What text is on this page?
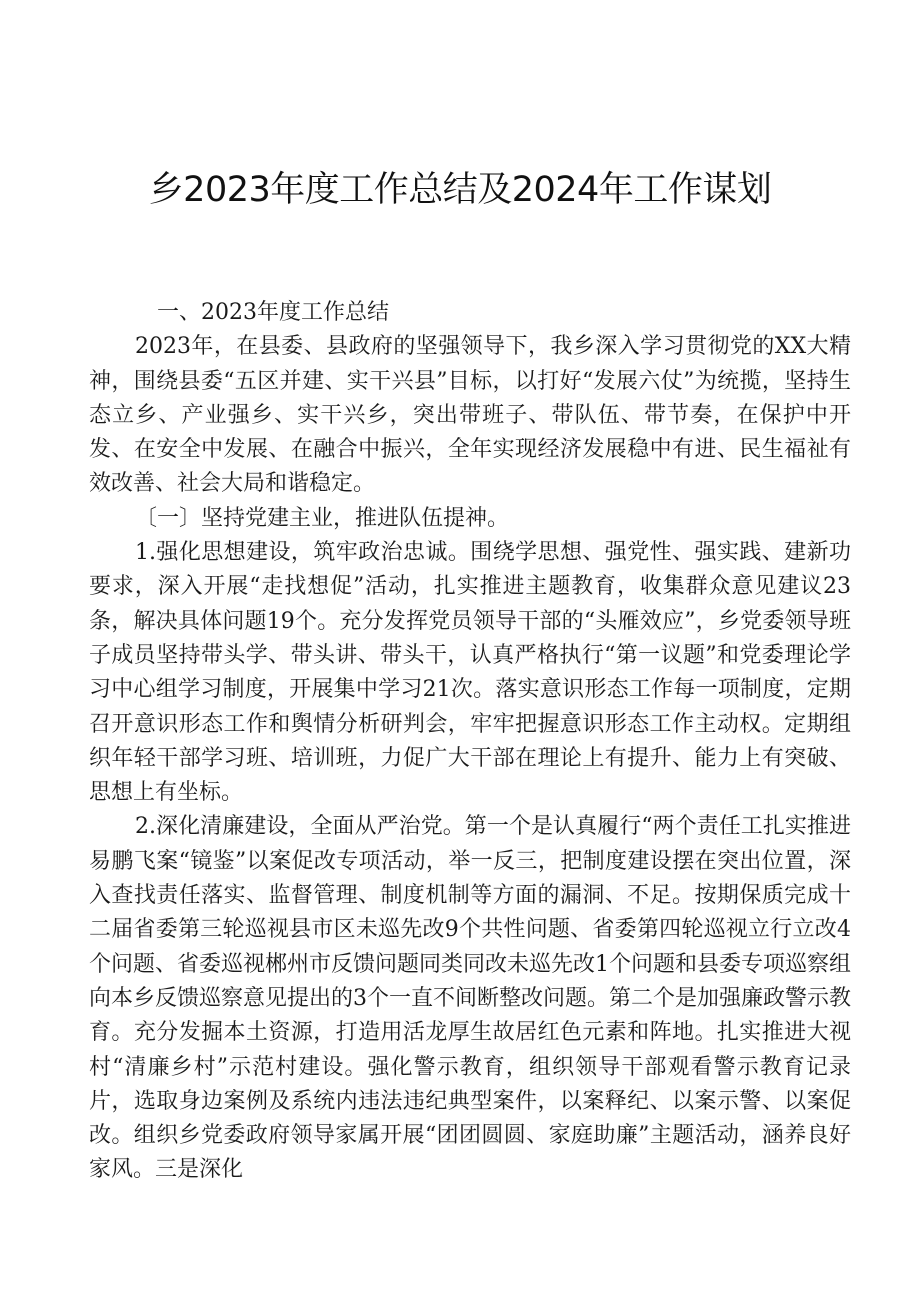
乡2023年度工作总结及2024年工作谋划

一、2023年度工作总结

2023年，在县委、县政府的坚强领导下，我乡深入学习贯彻党的XX大精神，围绕县委“五区并建、实干兴县”目标，以打好“发展六仗”为统揽，坚持生态立乡、产业强乡、实干兴乡，突出带班子、带队伍、带节奏，在保护中开发、在安全中发展、在融合中振兴，全年实现经济发展稳中有进、民生福祉有效改善、社会大局和谐稳定。

〔一〕坚持党建主业，推进队伍提神。

1.强化思想建设，筑牢政治忠诚。围绕学思想、强党性、强实践、建新功要求，深入开展“走找想促”活动，扎实推进主题教育，收集群众意见建议23条，解决具体问题19个。充分发挥党员领导干部的“头雁效应”，乡党委领导班子成员坚持带头学、带头讲、带头干，认真严格执行“第一议题”和党委理论学习中心组学习制度，开展集中学习21次。落实意识形态工作每一项制度，定期召开意识形态工作和舆情分析研判会，牢牢把握意识形态工作主动权。定期组织年轻干部学习班、培训班，力促广大干部在理论上有提升、能力上有突破、思想上有坐标。

2.深化清廉建设，全面从严治党。第一个是认真履行“两个责任工扎实推进易鹏飞案“镜鉴”以案促改专项活动，举一反三，把制度建设摆在突出位置，深入查找责任落实、监督管理、制度机制等方面的漏洞、不足。按期保质完成十二届省委第三轮巡视县市区未巡先改9个共性问题、省委第四轮巡视立行立改4个问题、省委巡视郴州市反馈问题同类同改未巡先改1个问题和县委专项巡察组向本乡反馈巡察意见提出的3个一直不间断整改问题。第二个是加强廉政警示教育。充分发掘本土资源，打造用活龙厚生故居红色元素和阵地。扎实推进大视村“清廉乡村”示范村建设。强化警示教育，组织领导干部观看警示教育记录片，选取身边案例及系统内违法违纪典型案件，以案释纪、以案示警、以案促改。组织乡党委政府领导家属开展“团团圆圆、家庭助廉”主题活动，涵养良好家风。三是深化
